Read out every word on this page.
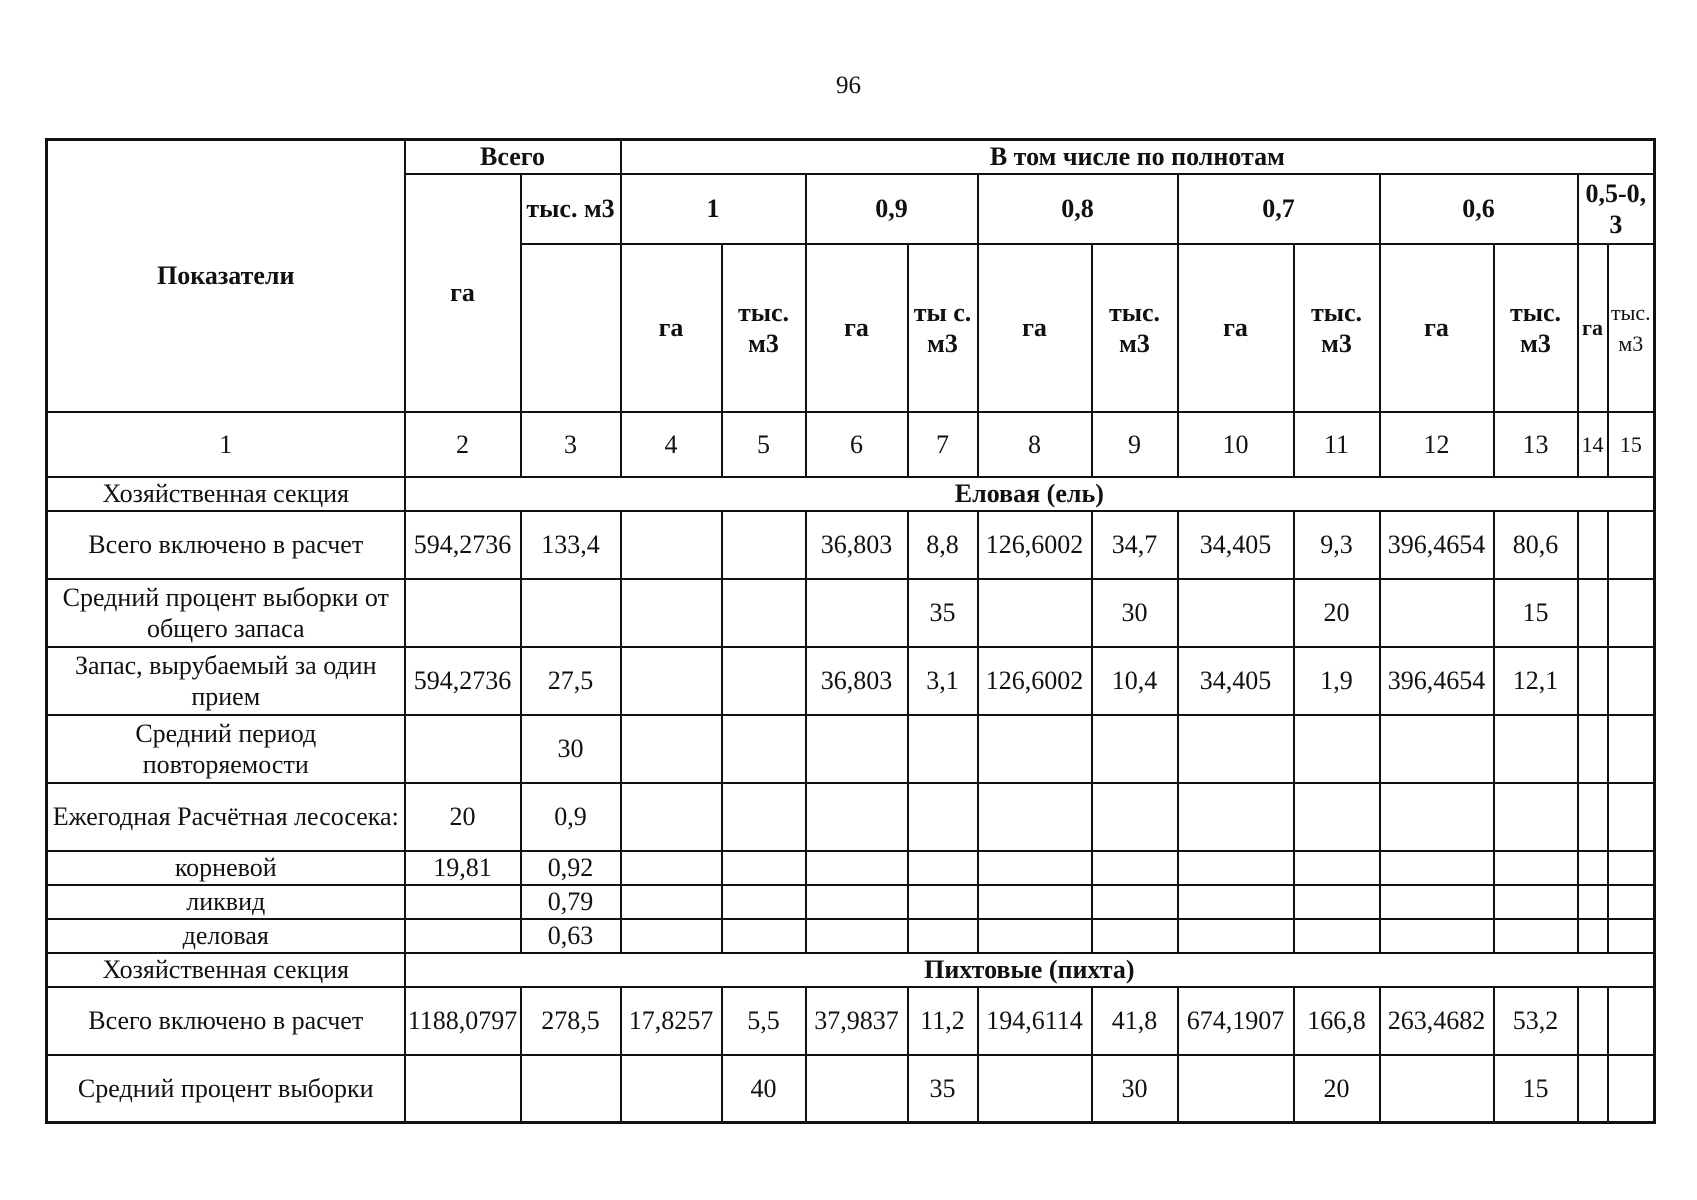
96
Показатели	Всего		В том числе по полнотам											
	га	тыс. м3	1		0,9		0,8		0,7		0,6		0,5-0,3	
			га	тыс. м3	га	ты с. м3	га	тыс. м3	га	тыс. м3	га	тыс. м3	га	тыс. м3
1	2	3	4	5	6	7	8	9	10	11	12	13	14	15
Хозяйственная секция	Еловая (ель)													
Всего включено в расчет	594,2736	133,4			36,803	8,8	126,6002	34,7	34,405	9,3	396,4654	80,6		
Средний процент выборки от общего запаса						35		30		20		15		
Запас, вырубаемый за один прием	594,2736	27,5			36,803	3,1	126,6002	10,4	34,405	1,9	396,4654	12,1		
Средний период повторяемости		30												
Ежегодная Расчётная лесосека:	20	0,9												
корневой	19,81	0,92												
ликвид		0,79												
деловая		0,63												
Хозяйственная секция	Пихтовые (пихта)													
Всего включено в расчет	1188,0797	278,5	17,8257	5,5	37,9837	11,2	194,6114	41,8	674,1907	166,8	263,4682	53,2		
Средний процент выборки				40		35		30		20		15		
